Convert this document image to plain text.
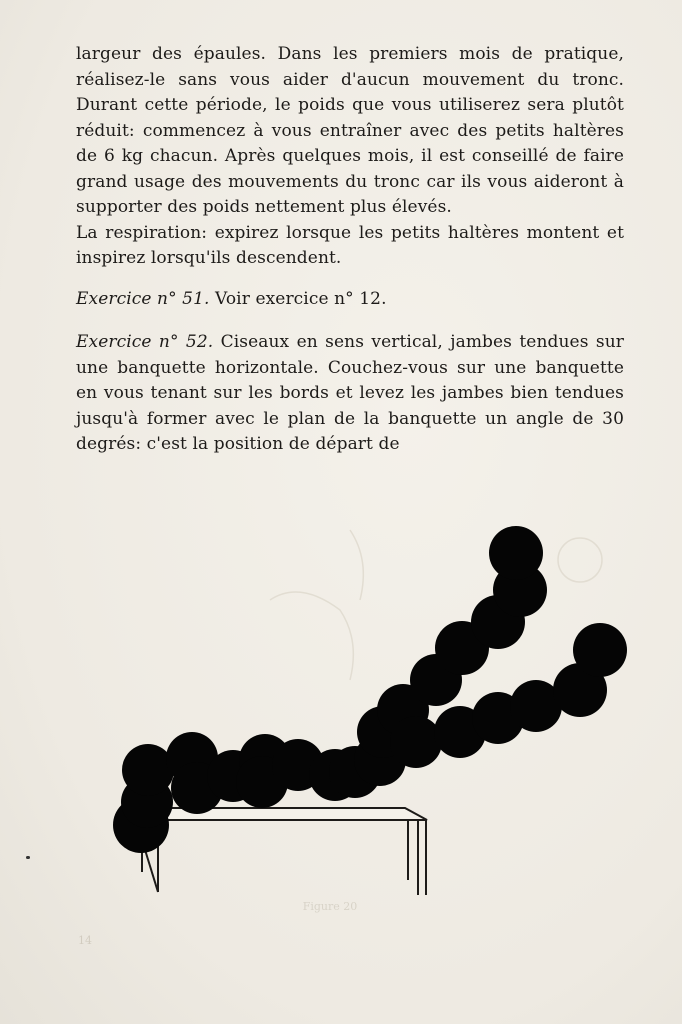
largeur des épaules. Dans les premiers mois de pratique, réalisez-le sans vous aider d'aucun mouvement du tronc. Durant cette période, le poids que vous utiliserez sera plutôt réduit: commencez à vous entraîner avec des petits haltères de 6 kg chacun. Après quelques mois, il est conseillé de faire grand usage des mouvements du tronc car ils vous aideront à supporter des poids nettement plus élevés.

La respiration: expirez lorsque les petits haltères montent et inspirez lorsqu'ils descendent.

Exercice n° 51. Voir exercice n° 12.

Exercice n° 52. Ciseaux en sens vertical, jambes tendues sur une banquette horizontale. Couchez-vous sur une banquette en vous tenant sur les bords et levez les jambes bien tendues jusqu'à former avec le plan de la banquette un angle de 30 degrés: c'est la position de départ de

Figure 20
14
